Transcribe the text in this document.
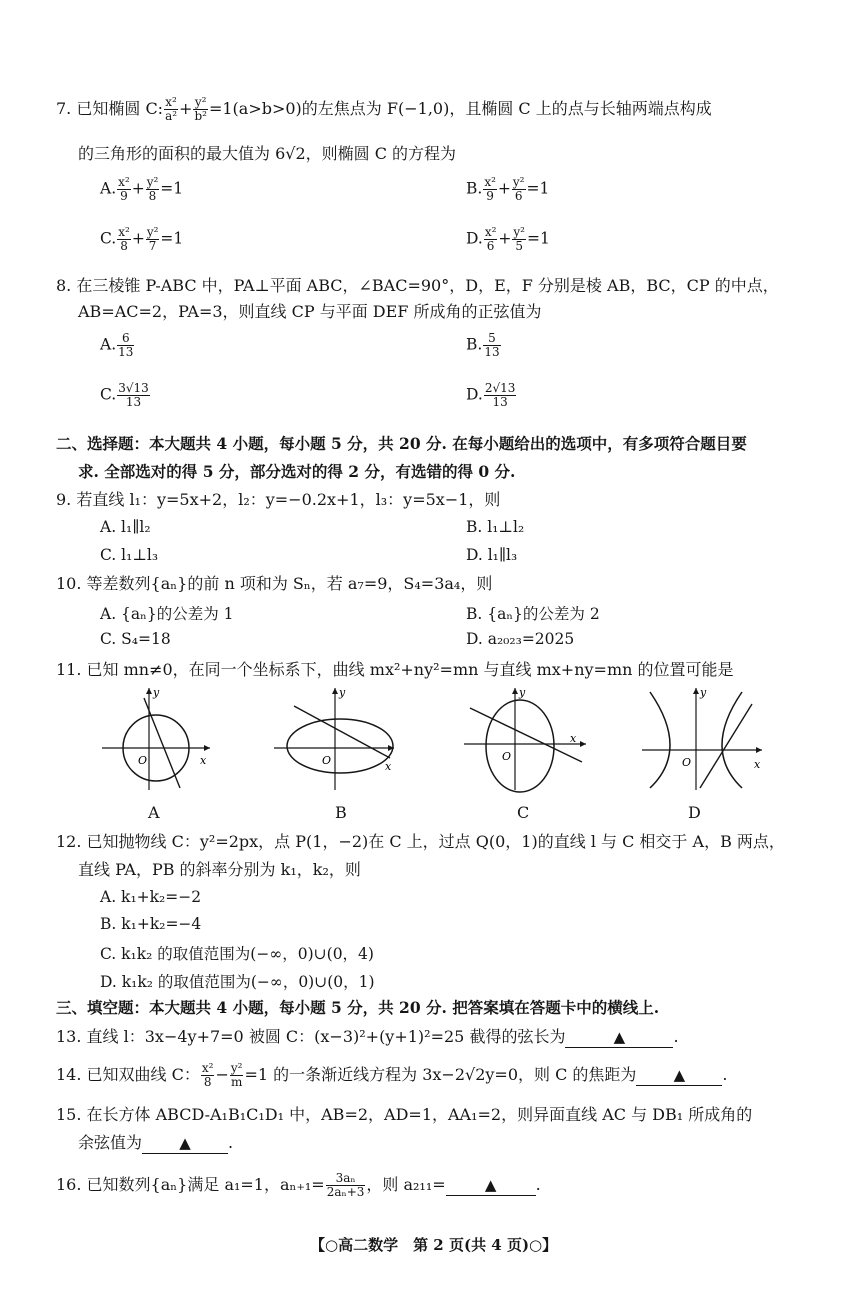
7. 已知椭圆 C: $\frac{\text{x²}}{\text{a²}} + \frac{\text{y²}}{\text{b²}} =1(a>b>0)$的左焦点为 F(−1,0)，且椭圆 C 上的点与长轴两端点构成
的三角形的面积的最大值为 6√2，则椭圆 C 的方程为
A. $\frac{\text{x²}}{9} + \frac{\text{y²}}{8} =1$	B. $\frac{\text{x²}}{9} + \frac{\text{y²}}{6} =1$
C. $\frac{\text{x²}}{8} + \frac{\text{y²}}{7} =1$	D. $\frac{\text{x²}}{6} + \frac{\text{y²}}{5} =1$
8. 在三棱锥 P-ABC 中，PA⊥平面 ABC，∠BAC=90°，D，E，F 分别是棱 AB，BC，CP 的中点，
AB=AC=2，PA=3，则直线 CP 与平面 DEF 所成角的正弦值为
A. $\frac{6}{13}$	B. $\frac{5}{13}$
C. $\frac{3√13}{13}$	D. $\frac{2√13}{13}$
二、选择题：本大题共 4 小题，每小题 5 分，共 20 分. 在每小题给出的选项中，有多项符合题目要
求. 全部选对的得 5 分，部分选对的得 2 分，有选错的得 0 分.
9. 若直线 l₁：y=5x+2，l₂：y=−0.2x+1，l₃：y=5x−1，则
A. l₁∥l₂	B. l₁⊥l₂
C. l₁⊥l₃	D. l₁∥l₃
10. 等差数列{aₙ}的前 n 项和为 Sₙ，若 a₇=9，S₄=3a₄，则
A. {aₙ}的公差为 1	B. {aₙ}的公差为 2
C. S₄=18	D. a₂₀₂₃=2025
11. 已知 mn≠0，在同一个坐标系下，曲线 mx²+ny²=mn 与直线 mx+ny=mn 的位置可能是
O	x
y
A
O	x
y
B
O
x
y
C
O	x
y
D
12. 已知抛物线 C：y²=2px，点 P(1，−2)在 C 上，过点 Q(0，1)的直线 l 与 C 相交于 A，B 两点，
直线 PA，PB 的斜率分别为 k₁，k₂，则
A. k₁+k₂=−2
B. k₁+k₂=−4
C. k₁k₂ 的取值范围为(−∞，0)∪(0，4)
D. k₁k₂ 的取值范围为(−∞，0)∪(0，1)
三、填空题：本大题共 4 小题，每小题 5 分，共 20 分. 把答案填在答题卡中的横线上.
13. 直线 l：3x−4y+7=0 被圆 C：(x−3)²+(y+1)²=25 截得的弦长为	▲	.
14. 已知双曲线 C： $\frac{\text{x²}}{8} - \frac{\text{y²}}{m} =1$ 的一条渐近线方程为 3x−2√2y=0，则 C 的焦距为 ▲ .
15. 在长方体 ABCD-A₁B₁C₁D₁ 中，AB=2，AD=1，AA₁=2，则异面直线 AC 与 DB₁ 所成角的
余弦值为 ▲ .
16. 已知数列{aₙ}满足 a₁=1，$a_{n+1}= \frac{\text{3aₙ}}{\text{2aₙ+3}}$ ，则 a₂₁₁=	▲ .
【○高二数学　第 2 页(共 4 页)○】
